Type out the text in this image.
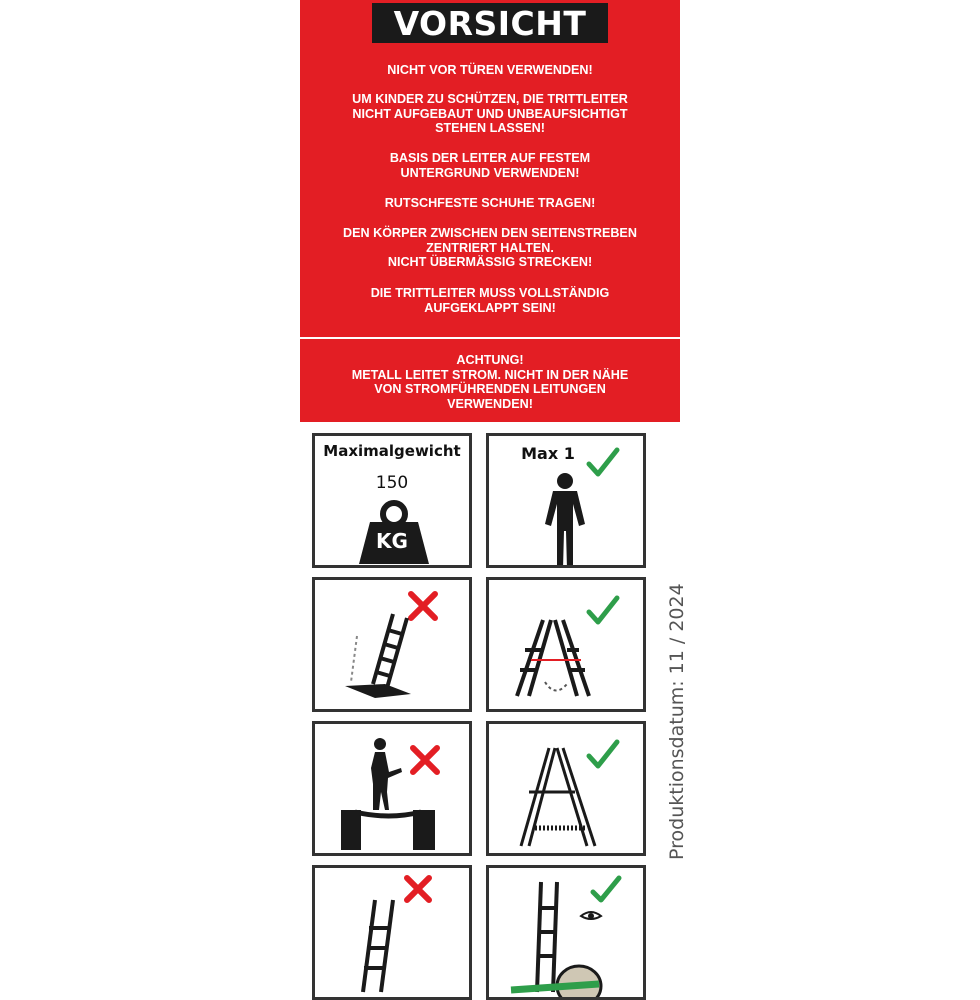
VORSICHT
NICHT VOR TÜREN VERWENDEN!
UM KINDER ZU SCHÜTZEN, DIE TRITTLEITER
NICHT AUFGEBAUT UND UNBEAUFSICHTIGT
STEHEN LASSEN!
BASIS DER LEITER AUF FESTEM
UNTERGRUND VERWENDEN!
RUTSCHFESTE SCHUHE TRAGEN!
DEN KÖRPER ZWISCHEN DEN SEITENSTREBEN
ZENTRIERT HALTEN.
NICHT ÜBERMÄSSIG STRECKEN!
DIE TRITTLEITER MUSS VOLLSTÄNDIG
AUFGEKLAPPT SEIN!
ACHTUNG!
METALL LEITET STROM. NICHT IN DER NÄHE
VON STROMFÜHRENDEN LEITUNGEN
VERWENDEN!
Maximalgewicht
150
KG
Max 1
Produktionsdatum: 11 / 2024
